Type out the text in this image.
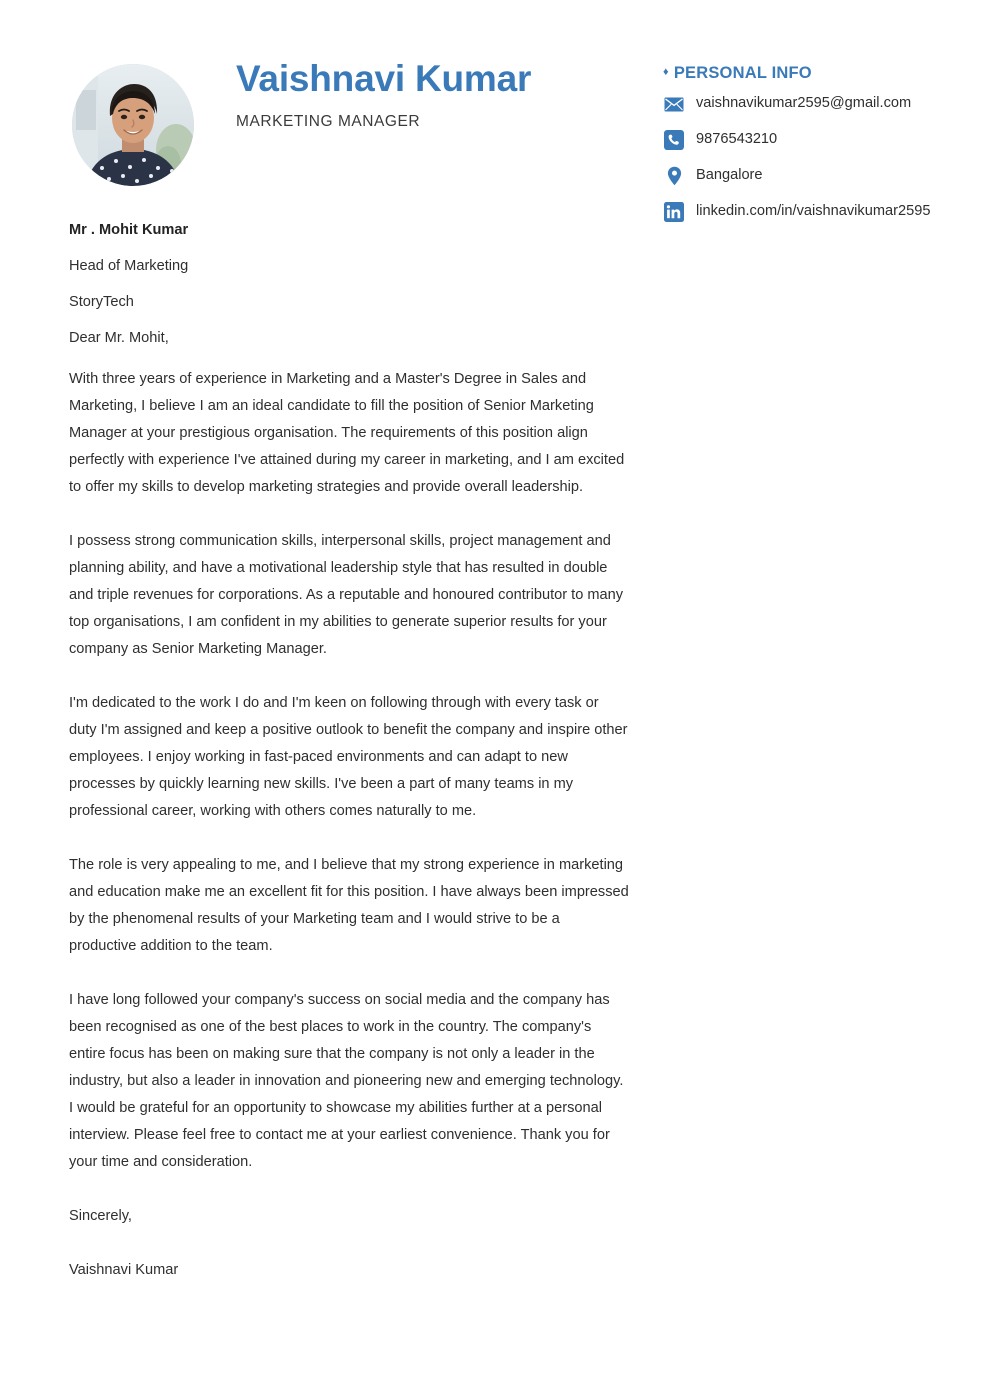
Vaishnavi Kumar
MARKETING MANAGER
♦ PERSONAL INFO
vaishnavikumar2595@gmail.com
9876543210
Bangalore
linkedin.com/in/vaishnavikumar2595
Mr . Mohit Kumar
Head of Marketing
StoryTech
Dear Mr. Mohit,

With three years of experience in Marketing and a Master's Degree in Sales and Marketing, I believe I am an ideal candidate to fill the position of Senior Marketing Manager at your prestigious organisation. The requirements of this position align perfectly with experience I've attained during my career in marketing, and I am excited to offer my skills to develop marketing strategies and provide overall leadership.

I possess strong communication skills, interpersonal skills, project management and planning ability, and have a motivational leadership style that has resulted in double and triple revenues for corporations. As a reputable and honoured contributor to many top organisations, I am confident in my abilities to generate superior results for your company as Senior Marketing Manager.

I'm dedicated to the work I do and I'm keen on following through with every task or duty I'm assigned and keep a positive outlook to benefit the company and inspire other employees. I enjoy working in fast-paced environments and can adapt to new processes by quickly learning new skills. I've been a part of many teams in my professional career, working with others comes naturally to me.

The role is very appealing to me, and I believe that my strong experience in marketing and education make me an excellent fit for this position. I have always been impressed by the phenomenal results of your Marketing team and I would strive to be a productive addition to the team.

I have long followed your company's success on social media and the company has been recognised as one of the best places to work in the country. The company's entire focus has been on making sure that the company is not only a leader in the industry, but also a leader in innovation and pioneering new and emerging technology. I would be grateful for an opportunity to showcase my abilities further at a personal interview. Please feel free to contact me at your earliest convenience. Thank you for your time and consideration.

Sincerely,
Vaishnavi Kumar
